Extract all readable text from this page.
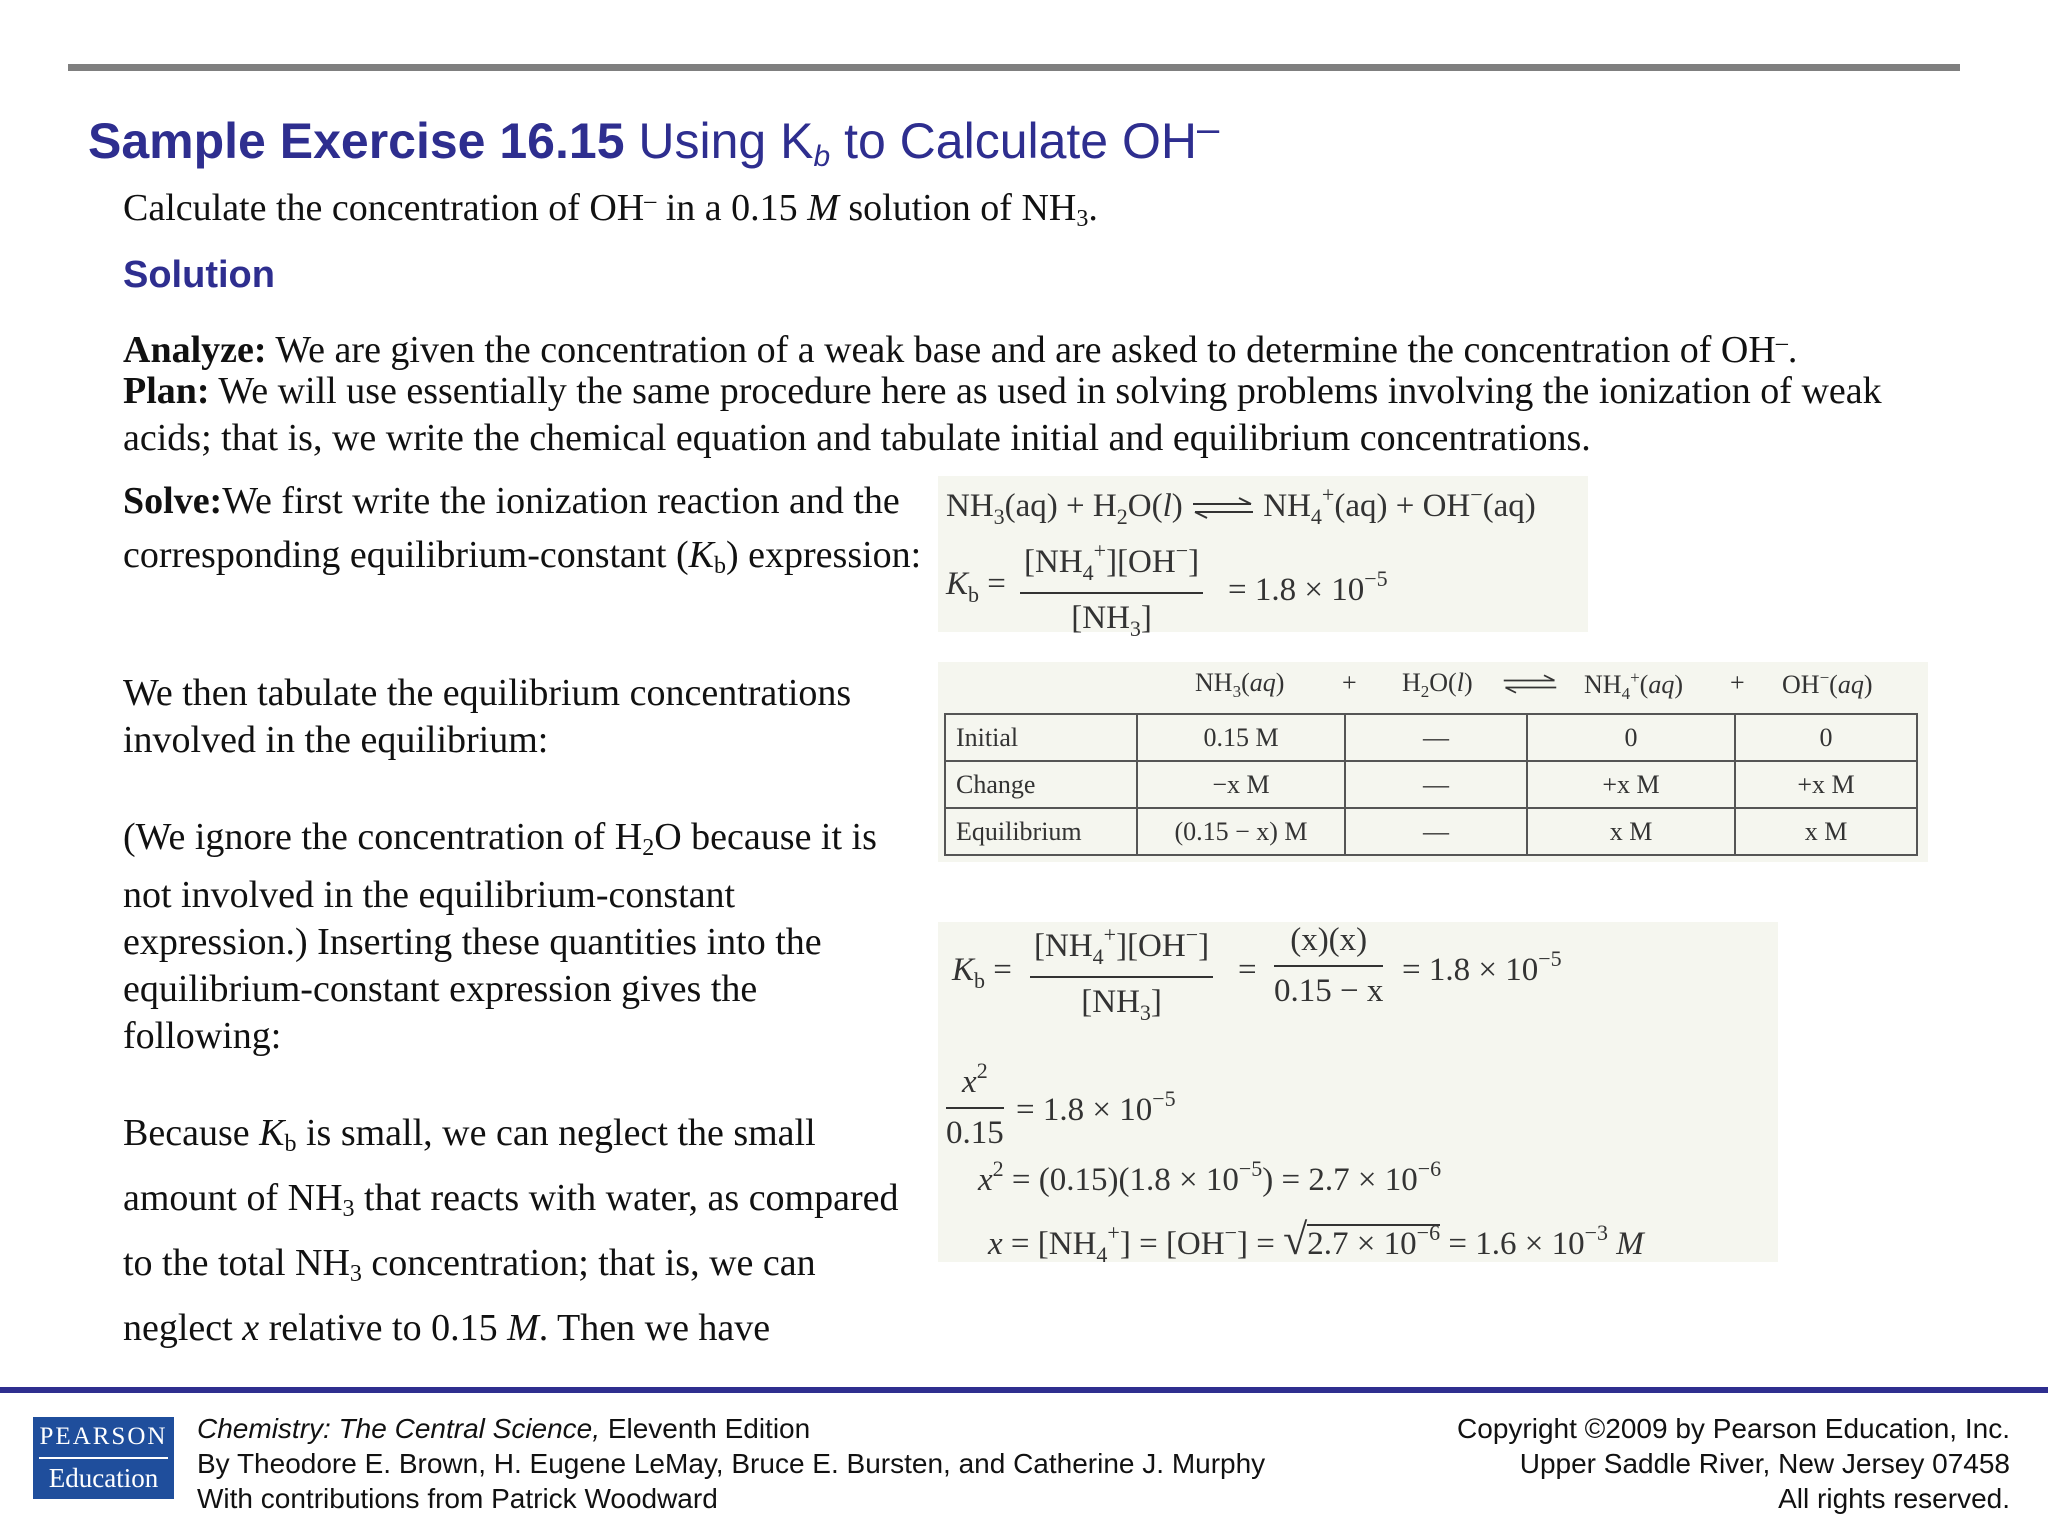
Sample Exercise 16.15 Using $K_b$ to Calculate OH–
Calculate the concentration of OH– in a 0.15 M solution of $NH_3$.
Solution
Analyze: We are given the concentration of a weak base and are asked to determine the concentration of OH–.
Plan: We will use essentially the same procedure here as used in solving problems involving the ionization of weak acids; that is, we write the chemical equation and tabulate initial and equilibrium concentrations.
Solve:We first write the ionization reaction and the corresponding equilibrium-constant $(K_b)$ expression:
We then tabulate the equilibrium concentrations involved in the equilibrium:
(We ignore the concentration of $H_2O$ because it is not involved in the equilibrium-constant expression.) Inserting these quantities into the equilibrium-constant expression gives the following:
Because $K_b$ is small, we can neglect the small amount of $NH_3$ that reacts with water, as compared to the total $NH_3$ concentration; that is, we can neglect x relative to 0.15 M. Then we have
$NH_3(aq) + H_2O(l)$ ⇌ $NH_4^+(aq) + OH^-(aq)$
$K_b = \frac{[NH_4^+][OH^-]}{[NH_3]} = 1.8 \times 10^{-5}$
$NH_3(aq) + H_2O(l)$	$NH_4^+(aq) + OH^-(aq)$
Initial	0.15 M	—	0	0
Change	−x M	—	+x M	+x M
Equilibrium	(0.15 − x) M	—	x M	x M
$K_b = \frac{[NH_4^+][OH^-]}{[NH_3]} = \frac{(x)(x)}{0.15 - x} = 1.8 \times 10^{-5}$
$\frac{x^2}{0.15} = 1.8 \times 10^{-5}$
$x^2 = (0.15)(1.8 \times 10^{-5}) = 2.7 \times 10^{-6}$
$x = [NH_4^+] = [OH^-] = √2.7 \times 10^{-6} = 1.6 \times 10^{-3}$ M
PEARSON
Education
Chemistry: The Central Science, Eleventh Edition
By Theodore E. Brown, H. Eugene LeMay, Bruce E. Bursten, and Catherine J. Murphy
With contributions from Patrick Woodward
Copyright ©2009 by Pearson Education, Inc.
Upper Saddle River, New Jersey 07458
All rights reserved.
